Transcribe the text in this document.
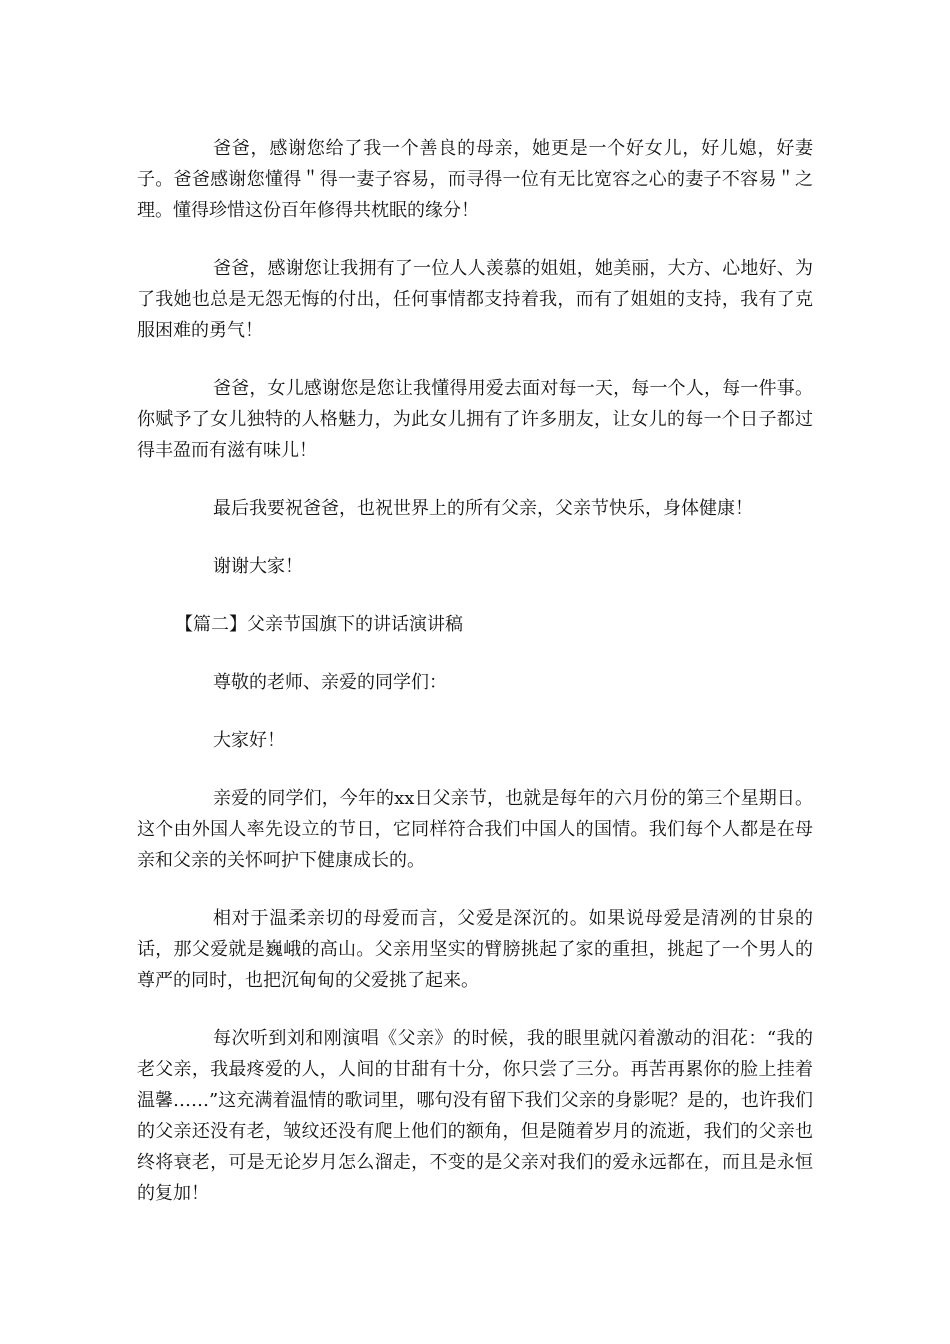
爸爸，感谢您给了我一个善良的母亲，她更是一个好女儿，好儿媳，好妻子。爸爸感谢您懂得＂得一妻子容易，而寻得一位有无比宽容之心的妻子不容易＂之理。懂得珍惜这份百年修得共枕眠的缘分！

爸爸，感谢您让我拥有了一位人人羡慕的姐姐，她美丽，大方、心地好、为了我她也总是无怨无悔的付出，任何事情都支持着我，而有了姐姐的支持，我有了克服困难的勇气！

爸爸，女儿感谢您是您让我懂得用爱去面对每一天，每一个人，每一件事。你赋予了女儿独特的人格魅力，为此女儿拥有了许多朋友，让女儿的每一个日子都过得丰盈而有滋有味儿！

最后我要祝爸爸，也祝世界上的所有父亲，父亲节快乐，身体健康！

谢谢大家！

【篇二】父亲节国旗下的讲话演讲稿

尊敬的老师、亲爱的同学们：

大家好！

亲爱的同学们，今年的xx日父亲节，也就是每年的六月份的第三个星期日。这个由外国人率先设立的节日，它同样符合我们中国人的国情。我们每个人都是在母亲和父亲的关怀呵护下健康成长的。

相对于温柔亲切的母爱而言，父爱是深沉的。如果说母爱是清冽的甘泉的话，那父爱就是巍峨的高山。父亲用坚实的臂膀挑起了家的重担，挑起了一个男人的尊严的同时，也把沉甸甸的父爱挑了起来。

每次听到刘和刚演唱《父亲》的时候，我的眼里就闪着激动的泪花：“我的老父亲，我最疼爱的人，人间的甘甜有十分，你只尝了三分。再苦再累你的脸上挂着温馨……”这充满着温情的歌词里，哪句没有留下我们父亲的身影呢？是的，也许我们的父亲还没有老，皱纹还没有爬上他们的额角，但是随着岁月的流逝，我们的父亲也终将衰老，可是无论岁月怎么溜走，不变的是父亲对我们的爱永远都在，而且是永恒的复加！
